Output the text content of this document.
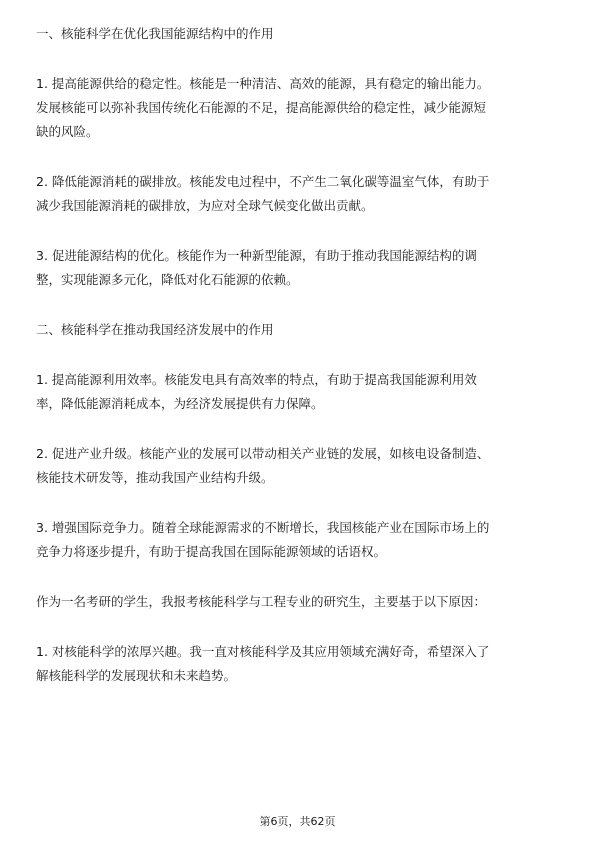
一、核能科学在优化我国能源结构中的作用
1. 提高能源供给的稳定性。核能是一种清洁、高效的能源，具有稳定的输出能力。
发展核能可以弥补我国传统化石能源的不足，提高能源供给的稳定性，减少能源短
缺的风险。
2. 降低能源消耗的碳排放。核能发电过程中，不产生二氧化碳等温室气体，有助于
减少我国能源消耗的碳排放，为应对全球气候变化做出贡献。
3. 促进能源结构的优化。核能作为一种新型能源，有助于推动我国能源结构的调
整，实现能源多元化，降低对化石能源的依赖。
二、核能科学在推动我国经济发展中的作用
1. 提高能源利用效率。核能发电具有高效率的特点，有助于提高我国能源利用效
率，降低能源消耗成本，为经济发展提供有力保障。
2. 促进产业升级。核能产业的发展可以带动相关产业链的发展，如核电设备制造、
核能技术研发等，推动我国产业结构升级。
3. 增强国际竞争力。随着全球能源需求的不断增长，我国核能产业在国际市场上的
竞争力将逐步提升，有助于提高我国在国际能源领域的话语权。
作为一名考研的学生，我报考核能科学与工程专业的研究生，主要基于以下原因：
1. 对核能科学的浓厚兴趣。我一直对核能科学及其应用领域充满好奇，希望深入了
解核能科学的发展现状和未来趋势。
第6页，共62页
